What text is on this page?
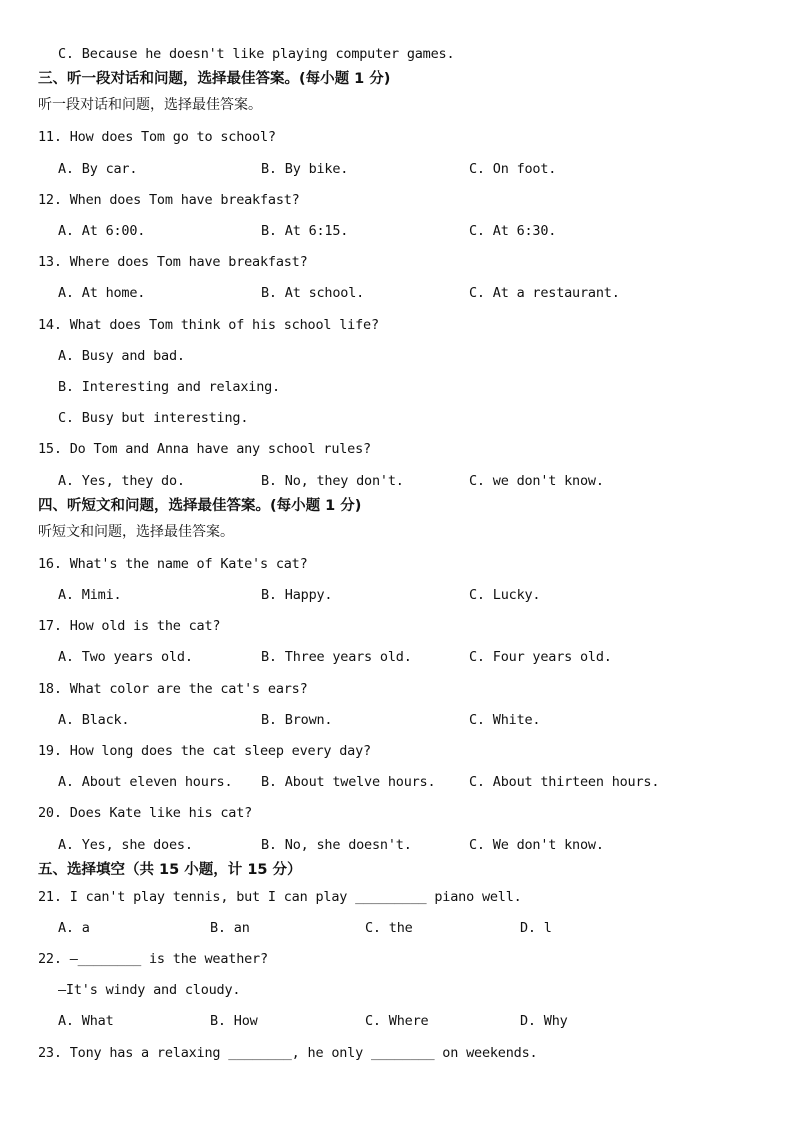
C. Because he doesn't like playing computer games.
三、听一段对话和问题，选择最佳答案。(每小题 1 分)
听一段对话和问题，选择最佳答案。
11. How does Tom go to school?
A. By car.	B. By bike.	C. On foot.
12. When does Tom have breakfast?
A. At 6:00.	B. At 6:15.	C. At 6:30.
13. Where does Tom have breakfast?
A. At home.	B. At school.	C. At a restaurant.
14. What does Tom think of his school life?
A. Busy and bad.
B. Interesting and relaxing.
C. Busy but interesting.
15. Do Tom and Anna have any school rules?
A. Yes, they do.	B. No, they don't.	C. we don't know.
四、听短文和问题，选择最佳答案。(每小题 1 分)
听短文和问题，选择最佳答案。
16. What's the name of Kate's cat?
A. Mimi.	B. Happy.	C. Lucky.
17. How old is the cat?
A. Two years old.	B. Three years old.	C. Four years old.
18. What color are the cat's ears?
A. Black.	B. Brown.	C. White.
19. How long does the cat sleep every day?
A. About eleven hours. B. About twelve hours. C. About thirteen hours.
20. Does Kate like his cat?
A. Yes, she does.	B. No, she doesn't.	C. We don't know.
五、选择填空（共 15 小题，计 15 分）
21. I can't play tennis, but I can play _________ piano well.
A. a	B. an	C. the	D. l
22. —________ is the weather?
—It's windy and cloudy.
A. What	B. How	C. Where	D. Why
23. Tony has a relaxing ________, he only ________ on weekends.
